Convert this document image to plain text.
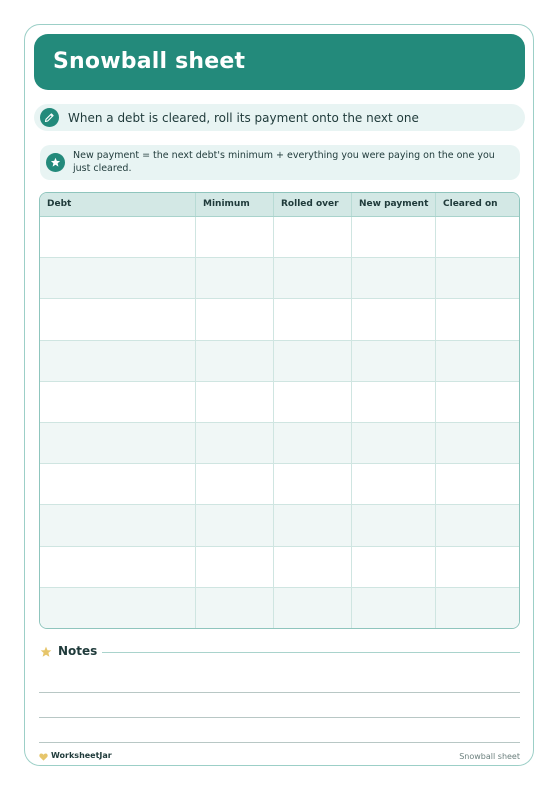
Snowball sheet
When a debt is cleared, roll its payment onto the next one
New payment = the next debt's minimum + everything you were paying on the one you just cleared.
Debt	Minimum	Rolled over	New payment	Cleared on
Notes
WorksheetJar	Snowball sheet
